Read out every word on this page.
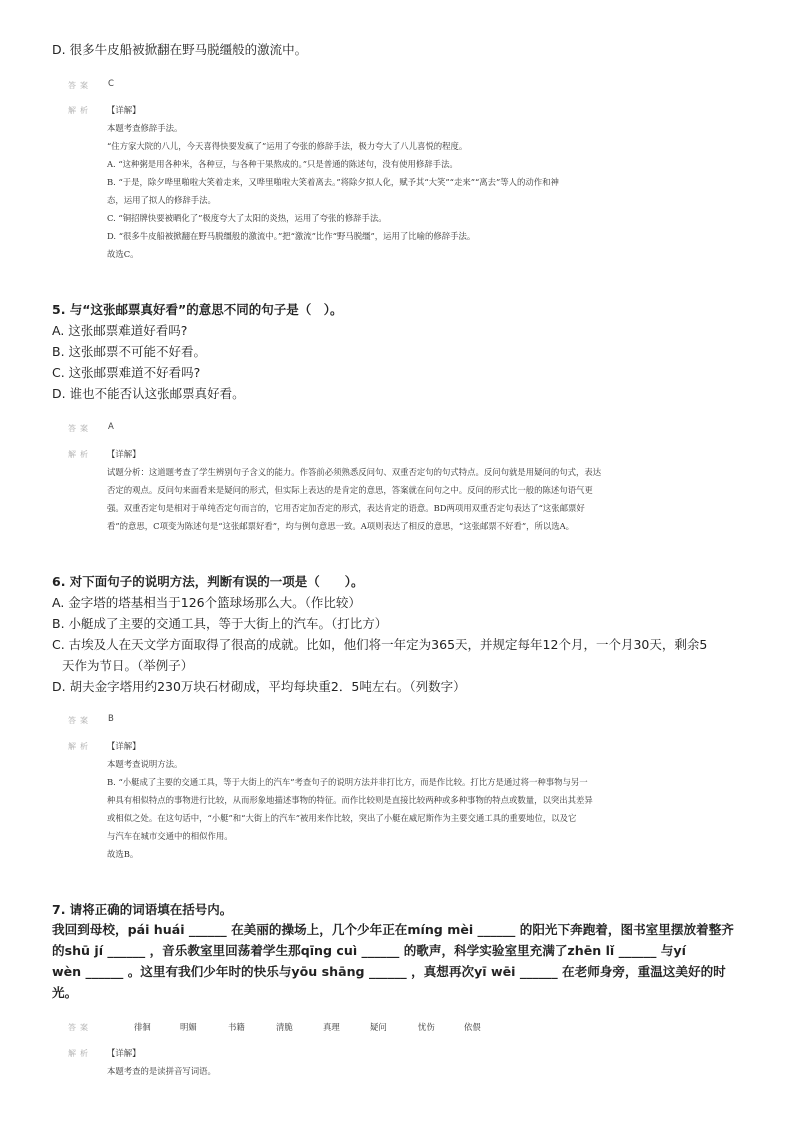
D. 很多牛皮船被掀翻在野马脱缰般的激流中。
答案 C
解析 【详解】
本题考查修辞手法。
“住方家大院的八儿，今天喜得快要发疯了”运用了夸张的修辞手法，极力夸大了八儿喜悦的程度。
A. “这种粥是用各种米，各种豆，与各种干果熬成的。”只是普通的陈述句，没有使用修辞手法。
B. “于是，除夕哗里啪啦大笑着走来，又哗里啪啦大笑着离去。”将除夕拟人化，赋予其“大笑”“走来”“离去”等人的动作和神
态，运用了拟人的修辞手法。
C. “铜招牌快要被晒化了”极度夸大了太阳的炎热，运用了夸张的修辞手法。
D. “很多牛皮船被掀翻在野马脱缰般的激流中。”把“激流”比作“野马脱缰”，运用了比喻的修辞手法。
故选C。
5. 与“这张邮票真好看”的意思不同的句子是（　）。
A. 这张邮票难道好看吗?
B. 这张邮票不可能不好看。
C. 这张邮票难道不好看吗?
D. 谁也不能否认这张邮票真好看。
答案 A
解析 【详解】
试题分析：这道题考查了学生辨别句子含义的能力。作答前必须熟悉反问句、双重否定句的句式特点。反问句就是用疑问的句式，表达
否定的观点。反问句来面看来是疑问的形式，但实际上表达的是肯定的意思，答案就在问句之中。反问的形式比一般的陈述句语气更
强。双重否定句是相对于单纯否定句而言的，它用否定加否定的形式，表达肯定的语意。BD两项用双重否定句表达了“这张邮票好
看”的意思，C项变为陈述句是“这张邮票好看”，均与例句意思一致。A项则表达了相反的意思，“这张邮票不好看”，所以选A。
6. 对下面句子的说明方法，判断有误的一项是（　　）。
A. 金字塔的塔基相当于126个篮球场那么大。（作比较）
B. 小艇成了主要的交通工具，等于大街上的汽车。（打比方）
C. 古埃及人在天文学方面取得了很高的成就。比如，他们将一年定为365天，并规定每年12个月，一个月30天，剩余5
天作为节日。（举例子）
D. 胡夫金字塔用约230万块石材砌成，平均每块重2．5吨左右。（列数字）
答案 B
解析 【详解】
本题考查说明方法。
B. “小艇成了主要的交通工具，等于大街上的汽车”考查句子的说明方法并非打比方，而是作比较。打比方是通过将一种事物与另一
种具有相似特点的事物进行比较，从而形象地描述事物的特征。而作比较则是直接比较两种或多种事物的特点或数量，以突出其差异
或相似之处。在这句话中，“小艇”和“大街上的汽车”被用来作比较，突出了小艇在威尼斯作为主要交通工具的重要地位，以及它
与汽车在城市交通中的相似作用。
故选B。
7. 请将正确的词语填在括号内。
我回到母校，pái huái ______ 在美丽的操场上，几个少年正在míng mèi ______ 的阳光下奔跑着，图书室里摆放着整齐
的shū jí ______ ，音乐教室里回荡着学生那qīng cuì ______ 的歌声，科学实验室里充满了zhēn lǐ ______ 与yí
wèn ______ 。这里有我们少年时的快乐与yōu shāng ______ ，真想再次yī wēi ______ 在老师身旁，重温这美好的时
光。
答案	徘徊	明媚	书籍	清脆	真理	疑问	忧伤	依偎
解析 【详解】
本题考查的是读拼音写词语。
